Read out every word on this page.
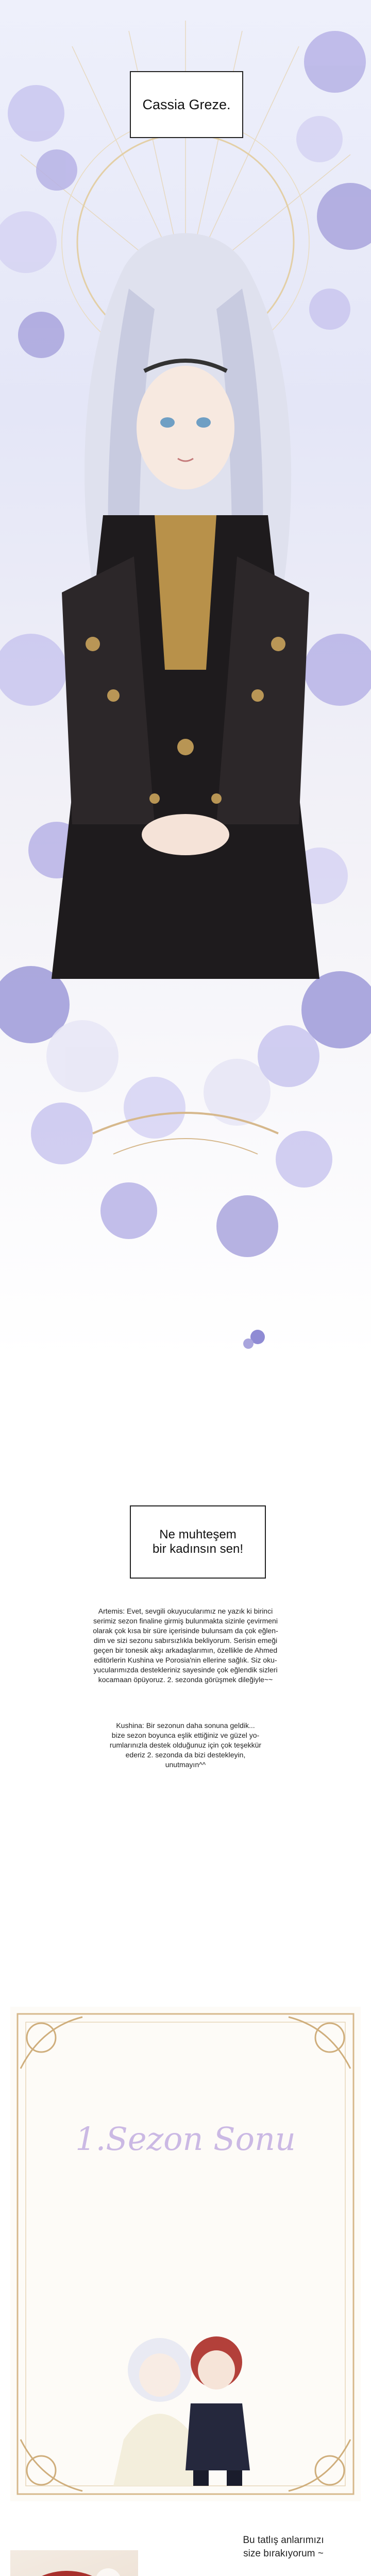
Cassia Greze.
Ne muhteşem
bir kadınsın sen!
Artemis: Evet, sevgili okuyucularımız ne yazık ki birinci
serimiz sezon finaline girmiş bulunmakta sizinle çevirmeni
olarak çok kısa bir süre içerisinde bulunsam da çok eğlen-
dim ve sizi sezonu sabırsızlıkla bekliyorum. Serisin emeği
geçen bir tonesik akşı arkadaşlarımın, özellikle de Ahmed
editörlerin Kushina ve Porosia'nin ellerine sağlık. Siz oku-
yucularımızda destekleriniz sayesinde çok eğlendik sizleri
kocamaan öpüyoruz. 2. sezonda görüşmek dileğiyle~~
Kushina: Bir sezonun daha sonuna geldik...
bize sezon boyunca eşlik ettiğiniz ve güzel yo-
rumlarınızla destek olduğunuz için çok teşekkür
ederiz 2. sezonda da bizi destekleyin,
unutmayın^^
1.Sezon Sonu
Bu tatlış anlarımızı
size bırakıyorum ~
